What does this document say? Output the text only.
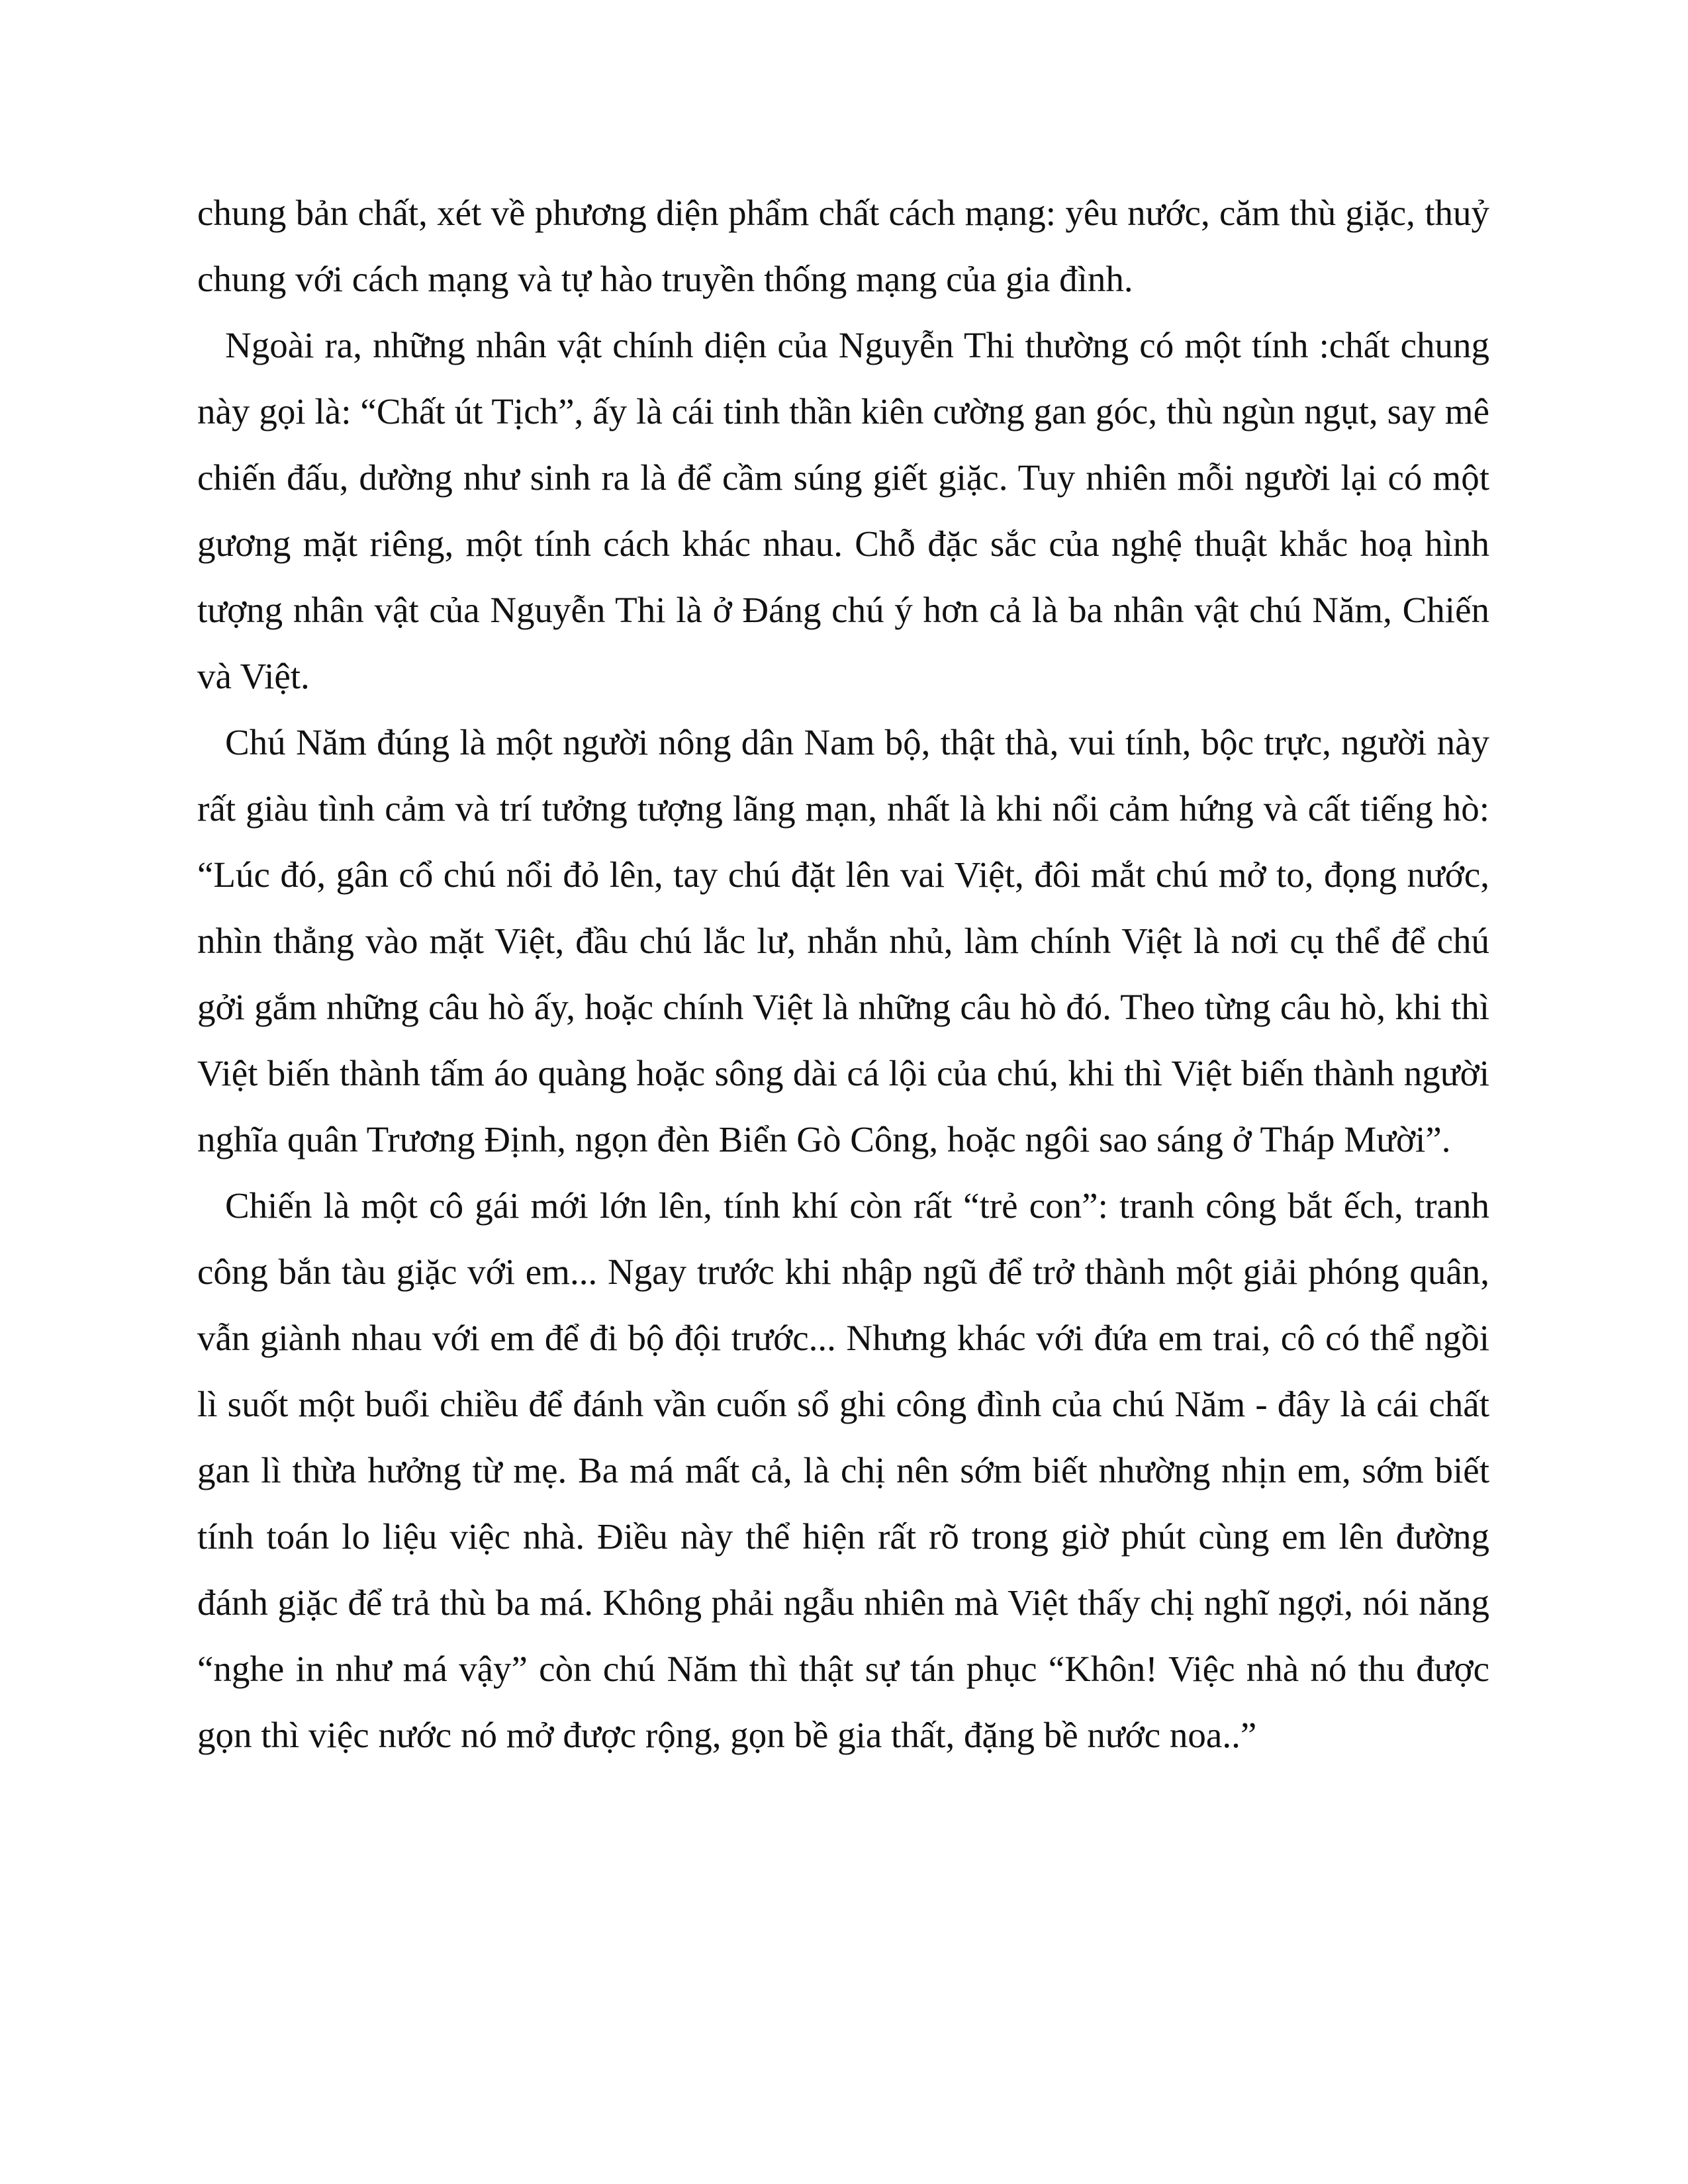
chung bản chất, xét về phương diện phẩm chất cách mạng: yêu nước, căm thù giặc, thuỷ chung với cách mạng và tự hào truyền thống mạng của gia đình.

Ngoài ra, những nhân vật chính diện của Nguyễn Thi thường có một tính :chất chung này gọi là: “Chất út Tịch”, ấy là cái tinh thần kiên cường gan góc, thù ngùn ngụt, say mê chiến đấu, dường như sinh ra là để cầm súng giết giặc. Tuy nhiên mỗi người lại có một gương mặt riêng, một tính cách khác nhau. Chỗ đặc sắc của nghệ thuật khắc hoạ hình tượng nhân vật của Nguyễn Thi là ở Đáng chú ý hơn cả là ba nhân vật chú Năm, Chiến và Việt.

Chú Năm đúng là một người nông dân Nam bộ, thật thà, vui tính, bộc trực, người này rất giàu tình cảm và trí tưởng tượng lãng mạn, nhất là khi nổi cảm hứng và cất tiếng hò: “Lúc đó, gân cổ chú nổi đỏ lên, tay chú đặt lên vai Việt, đôi mắt chú mở to, đọng nước, nhìn thẳng vào mặt Việt, đầu chú lắc lư, nhắn nhủ, làm chính Việt là nơi cụ thể để chú gởi gắm những câu hò ấy, hoặc chính Việt là những câu hò đó. Theo từng câu hò, khi thì Việt biến thành tấm áo quàng hoặc sông dài cá lội của chú, khi thì Việt biến thành người nghĩa quân Trương Định, ngọn đèn Biển Gò Công, hoặc ngôi sao sáng ở Tháp Mười”.

Chiến là một cô gái mới lớn lên, tính khí còn rất “trẻ con”: tranh công bắt ếch, tranh công bắn tàu giặc với em... Ngay trước khi nhập ngũ để trở thành một giải phóng quân, vẫn giành nhau với em để đi bộ đội trước... Nhưng khác với đứa em trai, cô có thể ngồi lì suốt một buổi chiều để đánh vần cuốn sổ ghi công đình của chú Năm - đây là cái chất gan lì thừa hưởng từ mẹ. Ba má mất cả, là chị nên sớm biết nhường nhịn em, sớm biết tính toán lo liệu việc nhà. Điều này thể hiện rất rõ trong giờ phút cùng em lên đường đánh giặc để trả thù ba má. Không phải ngẫu nhiên mà Việt thấy chị nghĩ ngợi, nói năng “nghe in như má vậy” còn chú Năm thì thật sự tán phục “Khôn! Việc nhà nó thu được gọn thì việc nước nó mở được rộng, gọn bề gia thất, đặng bề nước noa..”
